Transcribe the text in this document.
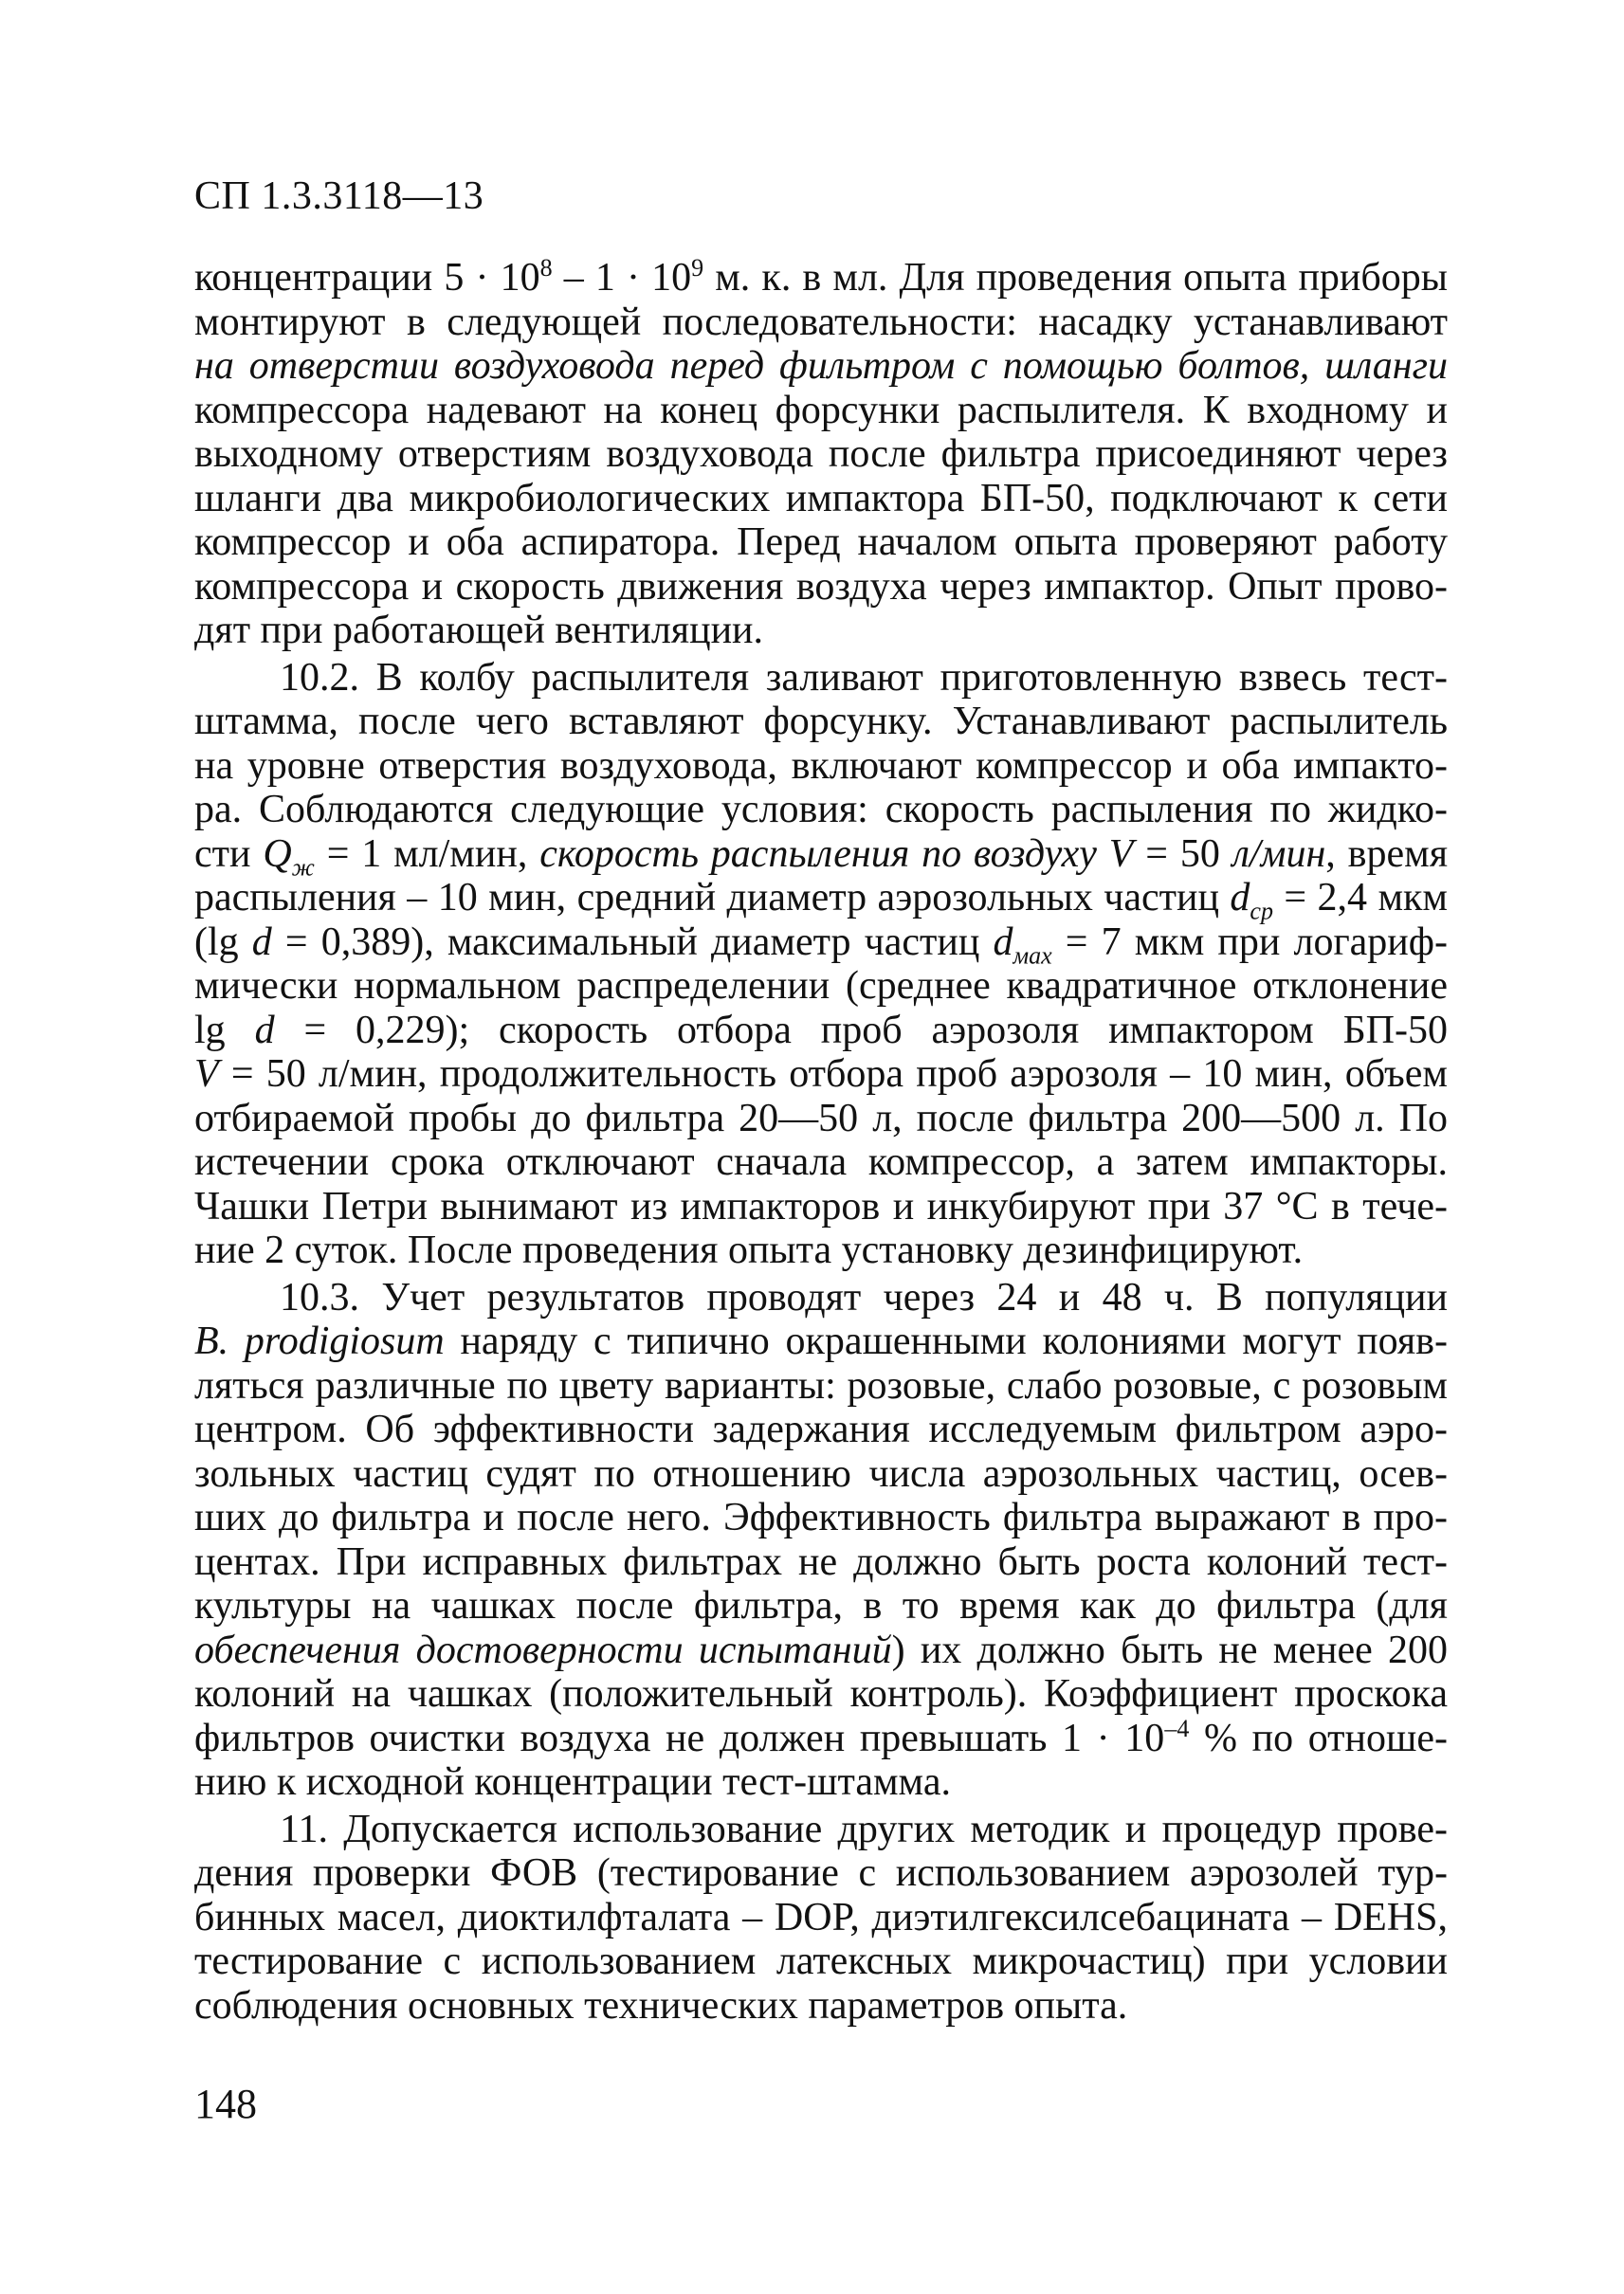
СП 1.3.3118—13
концентрации $5 \cdot 10^8 - 1 \cdot 10^9$ м. к. в мл. Для проведения опыта приборы
монтируют в следующей последовательности: насадку устанавливают
на отверстии воздуховода перед фильтром с помощью болтов, шланги
компрессора надевают на конец форсунки распылителя. К входному и
выходному отверстиям воздуховода после фильтра присоединяют через
шланги два микробиологических импактора БП-50, подключают к сети
компрессор и оба аспиратора. Перед началом опыта проверяют работу
компрессора и скорость движения воздуха через импактор. Опыт прово-
дят при работающей вентиляции.
10.2. В колбу распылителя заливают приготовленную взвесь тест-
штамма, после чего вставляют форсунку. Устанавливают распылитель
на уровне отверстия воздуховода, включают компрессор и оба импакто-
ра. Соблюдаются следующие условия: скорость распыления по жидко-
сти $Q_ж = 1$ мл/мин, скорость распыления по воздуху V = 50 л/мин, время
распыления – 10 мин, средний диаметр аэрозольных частиц $d_{ср} = 2,4$ мкм
(lg d = 0,389), максимальный диаметр частиц $d_{мах} = 7$ мкм при логариф-
мически нормальном распределении (среднее квадратичное отклонение
lg d = 0,229); скорость отбора проб аэрозоля импактором БП-50
V = 50 л/мин, продолжительность отбора проб аэрозоля – 10 мин, объем
отбираемой пробы до фильтра 20—50 л, после фильтра 200—500 л. По
истечении срока отключают сначала компрессор, а затем импакторы.
Чашки Петри вынимают из импакторов и инкубируют при 37 °С в тече-
ние 2 суток. После проведения опыта установку дезинфицируют.
10.3. Учет результатов проводят через 24 и 48 ч. В популяции
B. prodigiosum наряду с типично окрашенными колониями могут появ-
ляться различные по цвету варианты: розовые, слабо розовые, с розовым
центром. Об эффективности задержания исследуемым фильтром аэро-
зольных частиц судят по отношению числа аэрозольных частиц, осев-
ших до фильтра и после него. Эффективность фильтра выражают в про-
центах. При исправных фильтрах не должно быть роста колоний тест-
культуры на чашках после фильтра, в то время как до фильтра (для
обеспечения достоверности испытаний) их должно быть не менее 200
колоний на чашках (положительный контроль). Коэффициент проскока
фильтров очистки воздуха не должен превышать $1 \cdot 10^{-4}$ % по отноше-
нию к исходной концентрации тест-штамма.
11. Допускается использование других методик и процедур прове-
дения проверки ФОВ (тестирование с использованием аэрозолей тур-
бинных масел, диоктилфталата – DOP, диэтилгексилсебацината – DEHS,
тестирование с использованием латексных микрочастиц) при условии
соблюдения основных технических параметров опыта.
148
